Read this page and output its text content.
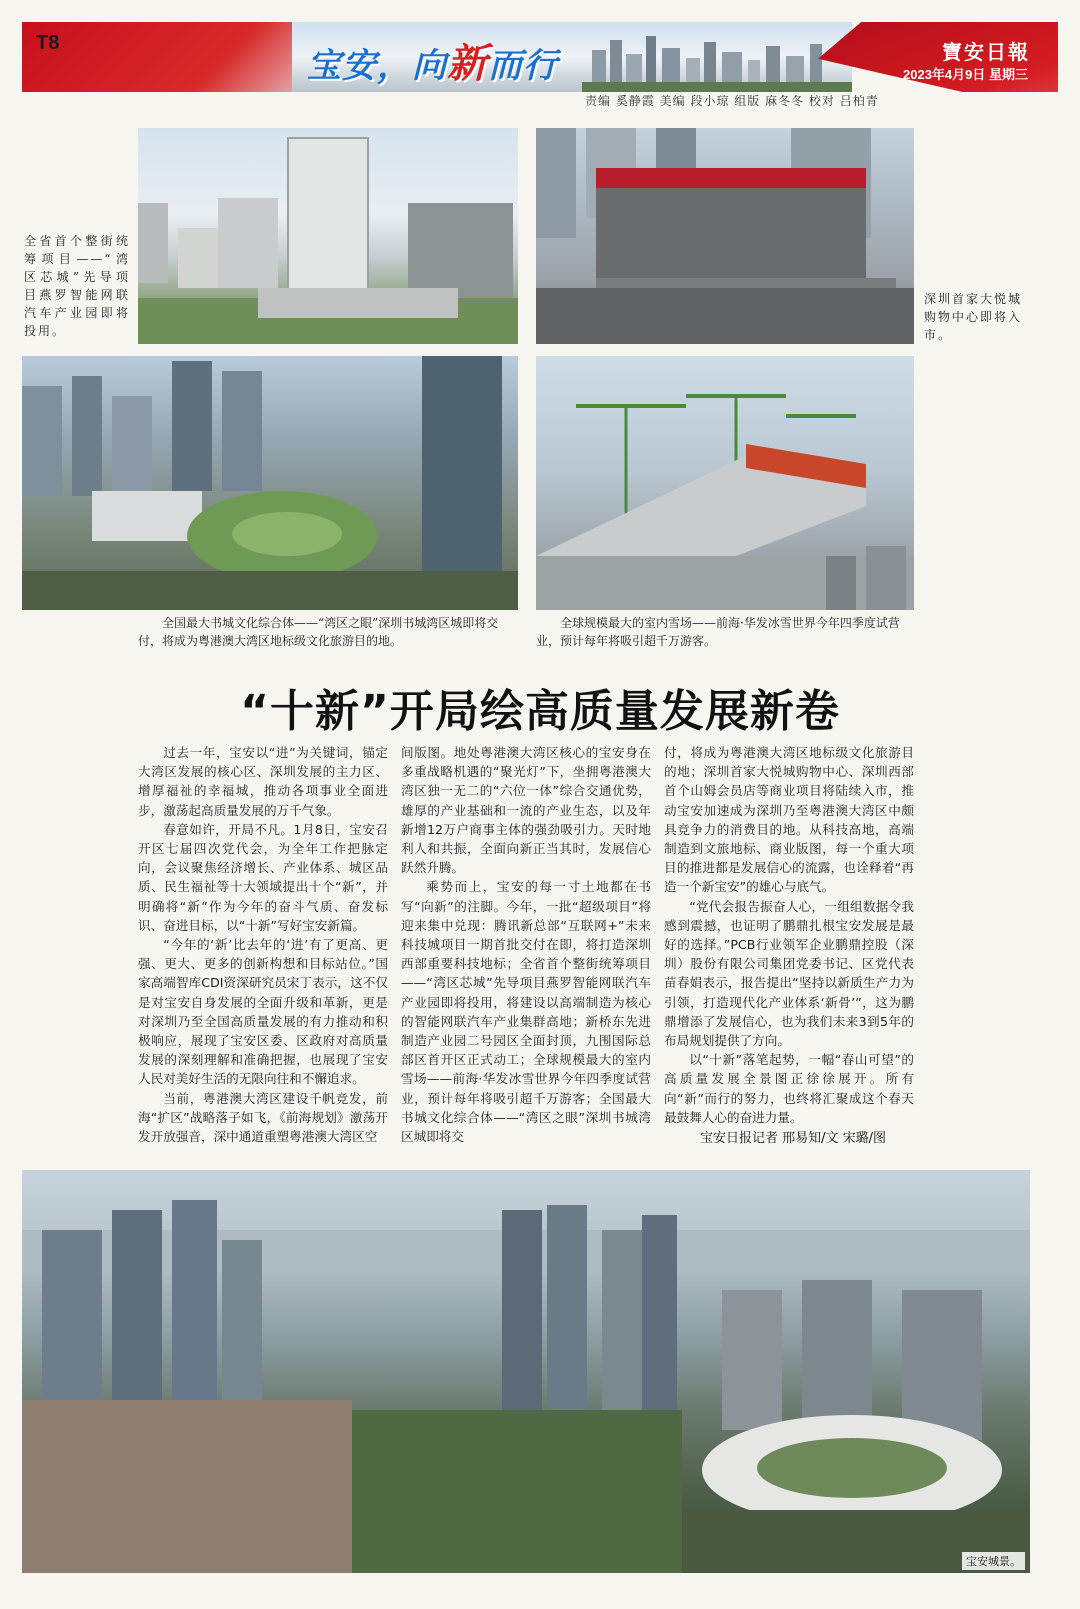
T8
宝安，向新而行	寶安日報
2023年4月9日 星期三
责编 奚静霞 美编 段小琼 组版 麻冬冬 校对 吕柏青
全省首个整街统筹项目——“湾区芯城”先导项目燕罗智能网联汽车产业园即将投用。
深圳首家大悦城购物中心即将入市。
全国最大书城文化综合体——“湾区之眼”深圳书城湾区城即将交付，将成为粤港澳大湾区地标级文化旅游目的地。
全球规模最大的室内雪场——前海·华发冰雪世界今年四季度试营业，预计每年将吸引超千万游客。
“十新”开局绘高质量发展新卷

过去一年，宝安以“进”为关键词，锚定大湾区发展的核心区、深圳发展的主力区、增厚福祉的幸福城，推动各项事业全面进步，激荡起高质量发展的万千气象。

春意如许，开局不凡。1月8日，宝安召开区七届四次党代会，为全年工作把脉定向，会议聚焦经济增长、产业体系、城区品质、民生福祉等十大领域提出十个“新”，并明确将“新”作为今年的奋斗气质、奋发标识、奋进目标，以“十新”写好宝安新篇。

“今年的‘新’比去年的‘进’有了更高、更强、更大、更多的创新构想和目标站位。”国家高端智库CDI资深研究员宋丁表示，这不仅是对宝安自身发展的全面升级和革新，更是对深圳乃至全国高质量发展的有力推动和积极响应，展现了宝安区委、区政府对高质量发展的深刻理解和准确把握，也展现了宝安人民对美好生活的无限向往和不懈追求。

当前，粤港澳大湾区建设千帆竞发，前海“扩区”战略落子如飞，《前海规划》激荡开发开放强音，深中通道重塑粤港澳大湾区空

间版图。地处粤港澳大湾区核心的宝安身在多重战略机遇的“聚光灯”下，坐拥粤港澳大湾区独一无二的“六位一体”综合交通优势，雄厚的产业基础和一流的产业生态，以及年新增12万户商事主体的强劲吸引力。天时地利人和共振，全面向新正当其时，发展信心跃然升腾。

乘势而上，宝安的每一寸土地都在书写“向新”的注脚。今年，一批“超级项目”将迎来集中兑现：腾讯新总部“互联网+”未来科技城项目一期首批交付在即，将打造深圳西部重要科技地标；全省首个整街统筹项目——“湾区芯城”先导项目燕罗智能网联汽车产业园即将投用，将建设以高端制造为核心的智能网联汽车产业集群高地；新桥东先进制造产业园二号园区全面封顶，九围国际总部区首开区正式动工；全球规模最大的室内雪场——前海·华发冰雪世界今年四季度试营业，预计每年将吸引超千万游客；全国最大书城文化综合体——“湾区之眼”深圳书城湾区城即将交

付，将成为粤港澳大湾区地标级文化旅游目的地；深圳首家大悦城购物中心、深圳西部首个山姆会员店等商业项目将陆续入市，推动宝安加速成为深圳乃至粤港澳大湾区中颇具竞争力的消费目的地。从科技高地，高端制造到文旅地标、商业版图，每一个重大项目的推进都是发展信心的流露，也诠释着“再造一个新宝安”的雄心与底气。

“党代会报告振奋人心，一组组数据令我感到震撼，也证明了鹏鼎扎根宝安发展是最好的选择。”PCB行业领军企业鹏鼎控股（深圳）股份有限公司集团党委书记、区党代表苗春娟表示，报告提出“坚持以新质生产力为引领，打造现代化产业体系‘新骨’”，这为鹏鼎增添了发展信心，也为我们未来3到5年的布局规划提供了方向。

以“十新”落笔起势，一幅“春山可望”的高质量发展全景图正徐徐展开。所有向“新”而行的努力，也终将汇聚成这个春天最鼓舞人心的奋进力量。

宝安日报记者 邢易知/文 宋璐/图
宝安城景。
